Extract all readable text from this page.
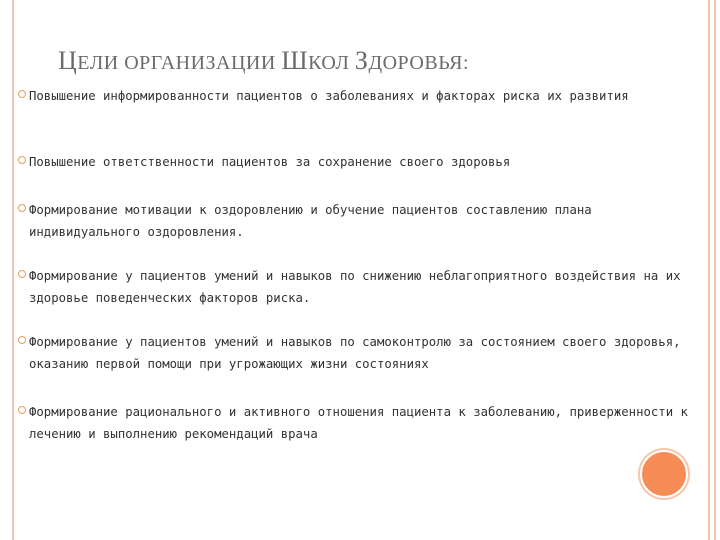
ЦЕЛИ ОРГАНИЗАЦИИ ШКОЛ ЗДОРОВЬЯ:
Повышение информированности пациентов о заболеваниях и факторах риска их развития
Повышение ответственности пациентов за сохранение своего здоровья
Формирование мотивации к оздоровлению и обучение пациентов составлению плана индивидуального оздоровления.
Формирование у пациентов умений и навыков по снижению неблагоприятного воздействия на их здоровье поведенческих факторов риска.
Формирование у пациентов умений и навыков по самоконтролю за состоянием своего здоровья, оказанию первой помощи при угрожающих жизни состояниях
Формирование рационального и активного отношения пациента к заболеванию, приверженности к лечению и выполнению рекомендаций врача
